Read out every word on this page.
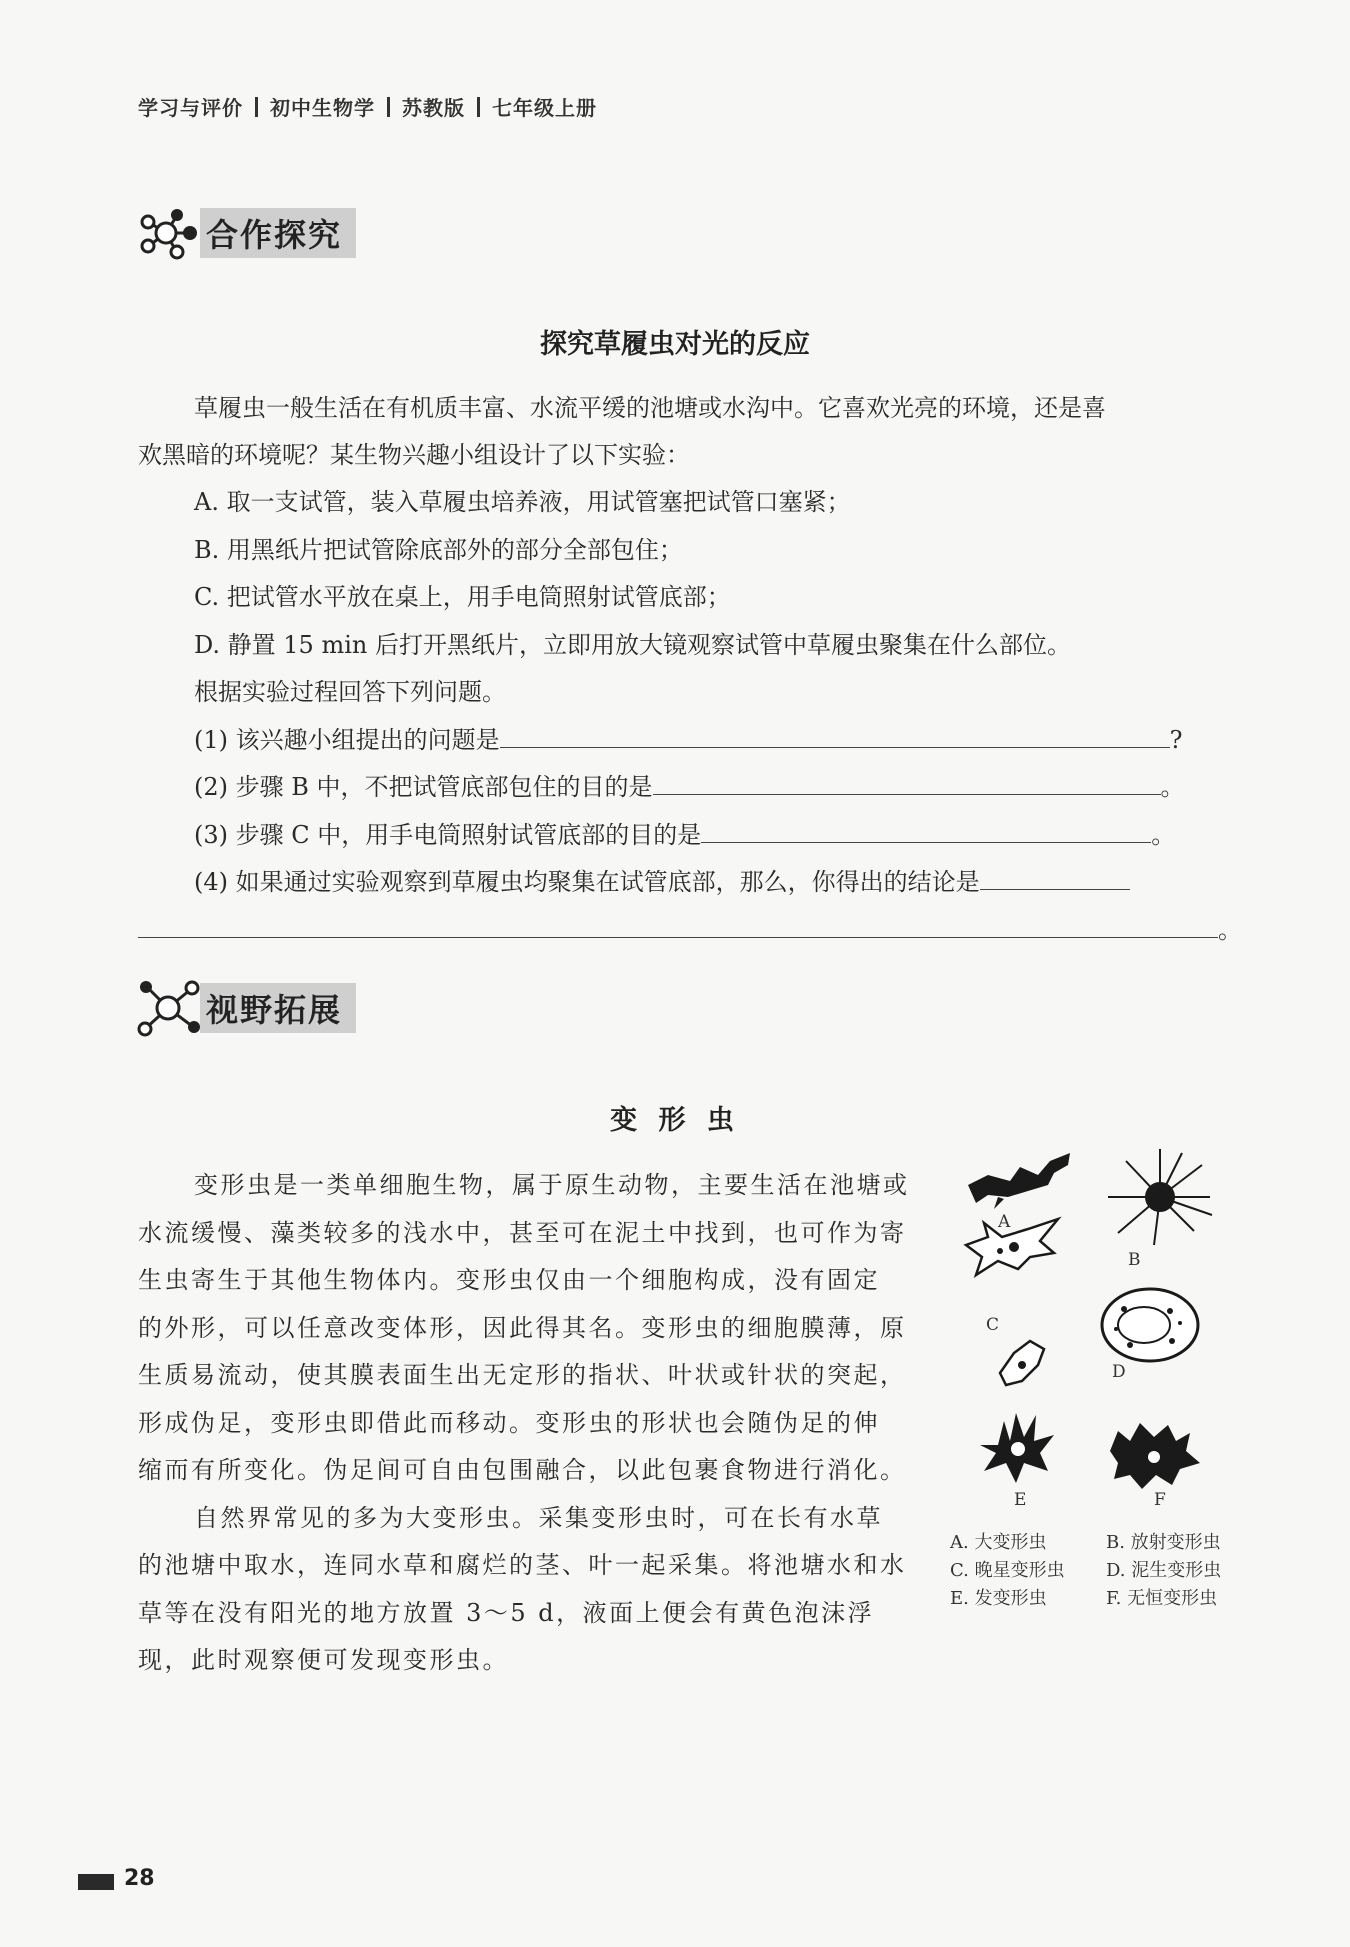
学习与评价 初中生物学 苏教版 七年级上册
合作探究
探究草履虫对光的反应
草履虫一般生活在有机质丰富、水流平缓的池塘或水沟中。它喜欢光亮的环境，还是喜
欢黑暗的环境呢？某生物兴趣小组设计了以下实验：
A. 取一支试管，装入草履虫培养液，用试管塞把试管口塞紧；
B. 用黑纸片把试管除底部外的部分全部包住；
C. 把试管水平放在桌上，用手电筒照射试管底部；
D. 静置 15 min 后打开黑纸片，立即用放大镜观察试管中草履虫聚集在什么部位。
根据实验过程回答下列问题。
(1) 该兴趣小组提出的问题是	?
(2) 步骤 B 中，不把试管底部包住的目的是	。
(3) 步骤 C 中，用手电筒照射试管底部的目的是	。
(4) 如果通过实验观察到草履虫均聚集在试管底部，那么，你得出的结论是
。
视野拓展
变 形 虫
变形虫是一类单细胞生物，属于原生动物，主要生活在池塘或
水流缓慢、藻类较多的浅水中，甚至可在泥土中找到，也可作为寄
生虫寄生于其他生物体内。变形虫仅由一个细胞构成，没有固定
的外形，可以任意改变体形，因此得其名。变形虫的细胞膜薄，原
生质易流动，使其膜表面生出无定形的指状、叶状或针状的突起，
形成伪足，变形虫即借此而移动。变形虫的形状也会随伪足的伸
缩而有所变化。伪足间可自由包围融合，以此包裹食物进行消化。
自然界常见的多为大变形虫。采集变形虫时，可在长有水草
的池塘中取水，连同水草和腐烂的茎、叶一起采集。将池塘水和水
草等在没有阳光的地方放置 3～5 d，液面上便会有黄色泡沫浮
现，此时观察便可发现变形虫。
A
B
C
D
E	F
A. 大变形虫	B. 放射变形虫
C. 晚星变形虫 D. 泥生变形虫
E. 发变形虫	F. 无恒变形虫
28
